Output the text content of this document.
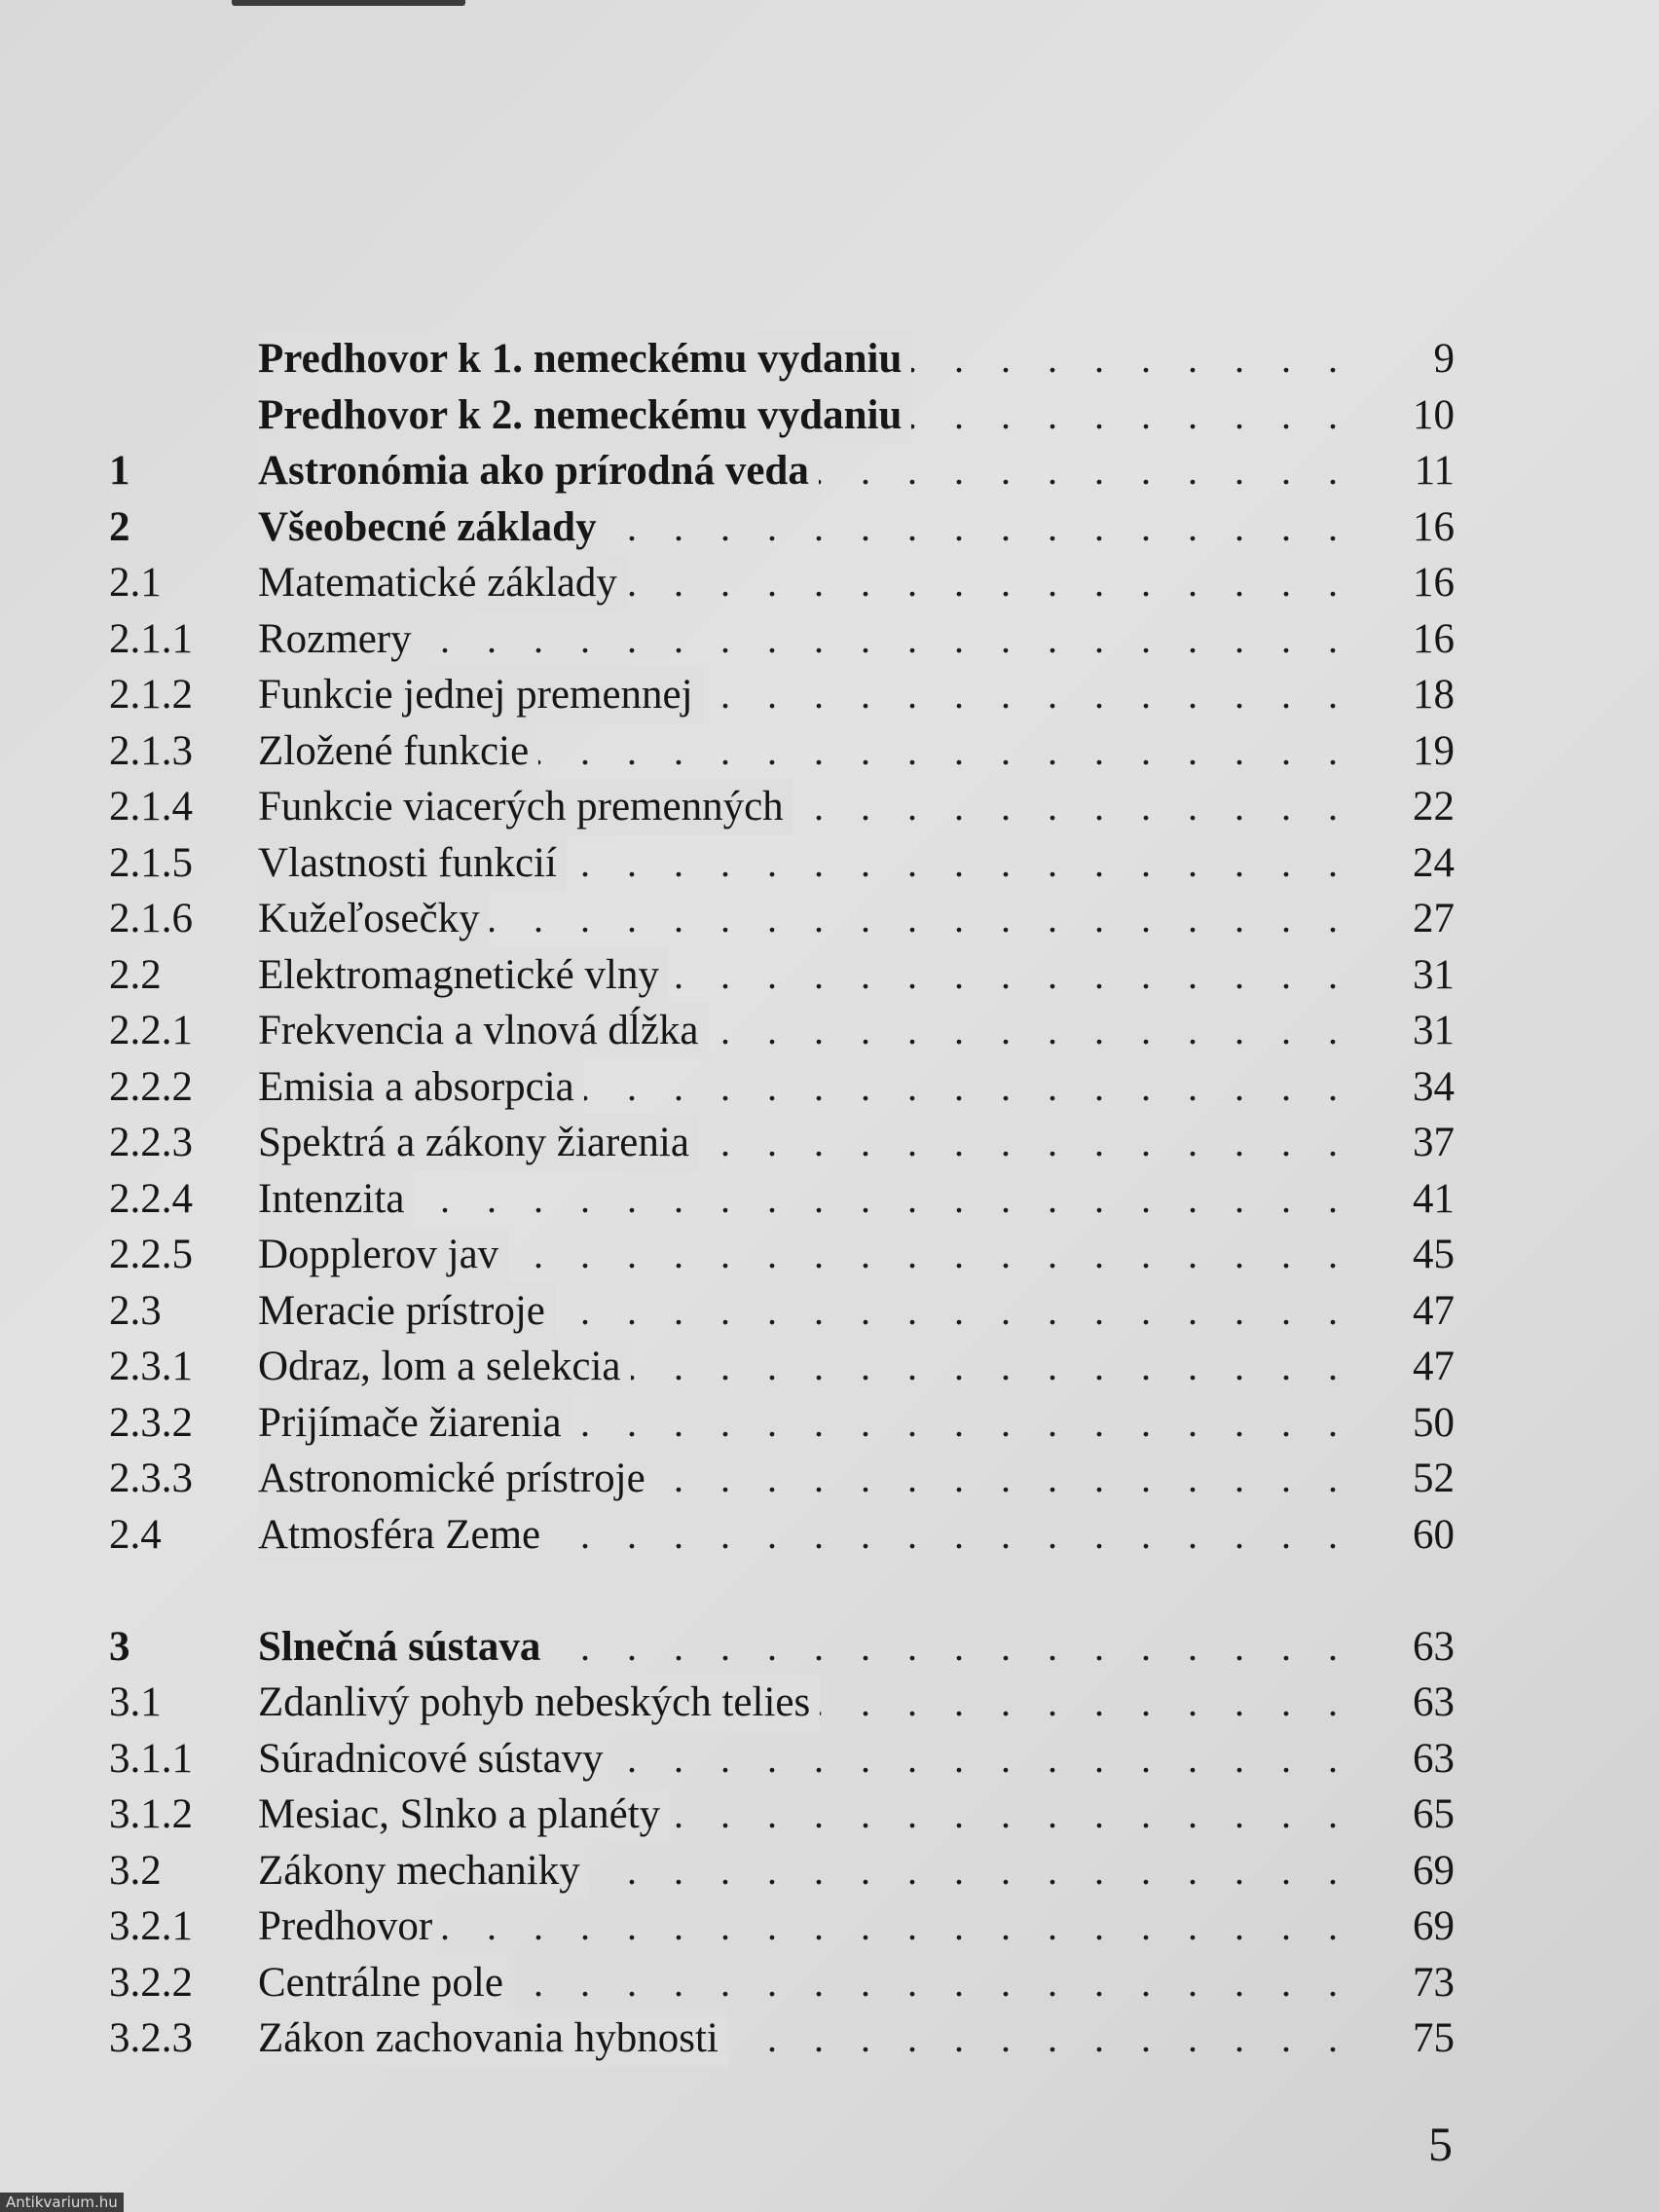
. . .
Predhovor k 1. nemeckému vydaniu	9
. . .
Predhovor k 2. nemeckému vydaniu	10
. . .
1	Astronómia ako prírodná veda	11
. . .
2	Všeobecné základy	16
. . .
2.1	Matematické základy	16
. . .
2.1.1	Rozmery	16
. . .
2.1.2	Funkcie jednej premennej	18
. . .
2.1.3	Zložené funkcie	19
. . .
2.1.4	Funkcie viacerých premenných	22
. . .
2.1.5	Vlastnosti funkcií	24
. . .
2.1.6	Kužeľosečky	27
. . .
2.2	Elektromagnetické vlny	31
. . .
2.2.1	Frekvencia a vlnová dĺžka	31
. . .
2.2.2	Emisia a absorpcia	34
. . .
2.2.3	Spektrá a zákony žiarenia	37
. . .
2.2.4	Intenzita	41
. . .
2.2.5	Dopplerov jav	45
. . .
2.3	Meracie prístroje	47
. . .
2.3.1	Odraz, lom a selekcia	47
. . .
2.3.2	Prijímače žiarenia	50
. . .
2.3.3	Astronomické prístroje	52
. . .
2.4	Atmosféra Zeme	60
. . .
3	Slnečná sústava	63
. . .
3.1	Zdanlivý pohyb nebeských telies	63
. . .
3.1.1	Súradnicové sústavy	63
. . .
3.1.2	Mesiac, Slnko a planéty	65
. . .
3.2	Zákony mechaniky	69
. . .
3.2.1	Predhovor	69
. . .
3.2.2	Centrálne pole	73
. . .
3.2.3	Zákon zachovania hybnosti	75
5
Antikvarium.hu
